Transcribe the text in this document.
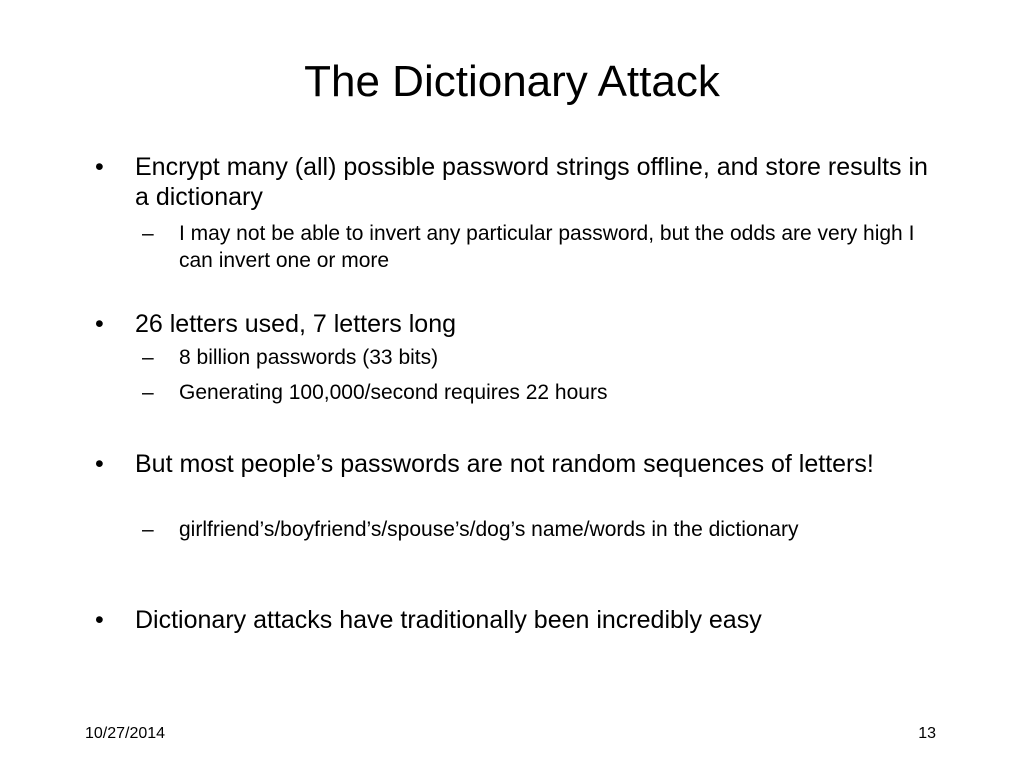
The Dictionary Attack
• Encrypt many (all) possible password strings offline, and store results in a dictionary
– I may not be able to invert any particular password, but the odds are very high I can invert one or more
• 26 letters used, 7 letters long
– 8 billion passwords (33 bits)
– Generating 100,000/second requires 22 hours
• But most people’s passwords are not random sequences of letters!
– girlfriend’s/boyfriend’s/spouse’s/dog’s name/words in the dictionary
• Dictionary attacks have traditionally been incredibly easy
10/27/2014	13
